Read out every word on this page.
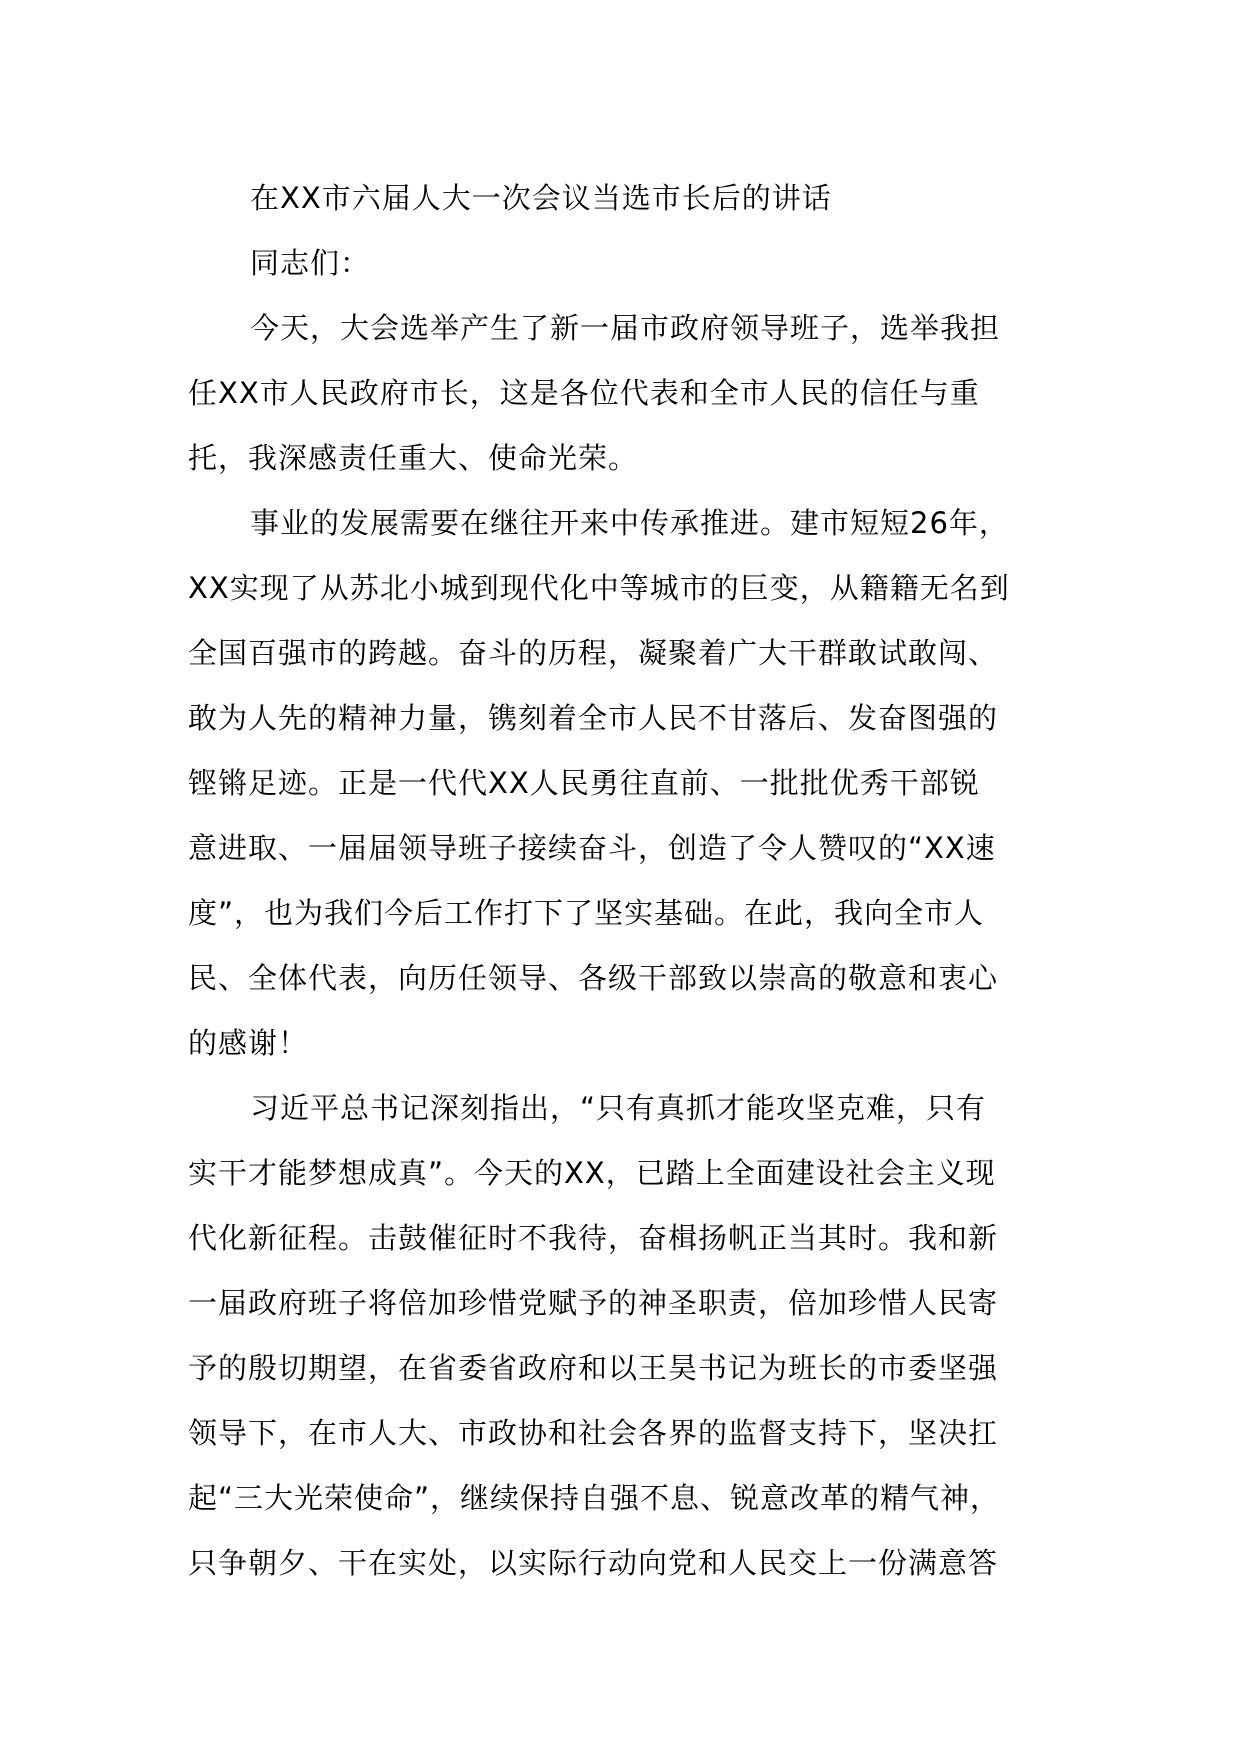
在XX市六届人大一次会议当选市长后的讲话
同志们：
今天，大会选举产生了新一届市政府领导班子，选举我担
任XX市人民政府市长，这是各位代表和全市人民的信任与重
托，我深感责任重大、使命光荣。
事业的发展需要在继往开来中传承推进。建市短短26年，
XX实现了从苏北小城到现代化中等城市的巨变，从籍籍无名到
全国百强市的跨越。奋斗的历程，凝聚着广大干群敢试敢闯、
敢为人先的精神力量，镌刻着全市人民不甘落后、发奋图强的
铿锵足迹。正是一代代XX人民勇往直前、一批批优秀干部锐
意进取、一届届领导班子接续奋斗，创造了令人赞叹的“XX速
度”，也为我们今后工作打下了坚实基础。在此，我向全市人
民、全体代表，向历任领导、各级干部致以崇高的敬意和衷心
的感谢！
习近平总书记深刻指出，“只有真抓才能攻坚克难，只有
实干才能梦想成真”。今天的XX，已踏上全面建设社会主义现
代化新征程。击鼓催征时不我待，奋楫扬帆正当其时。我和新
一届政府班子将倍加珍惜党赋予的神圣职责，倍加珍惜人民寄
予的殷切期望，在省委省政府和以王昊书记为班长的市委坚强
领导下，在市人大、市政协和社会各界的监督支持下，坚决扛
起“三大光荣使命”，继续保持自强不息、锐意改革的精气神，
只争朝夕、干在实处，以实际行动向党和人民交上一份满意答
